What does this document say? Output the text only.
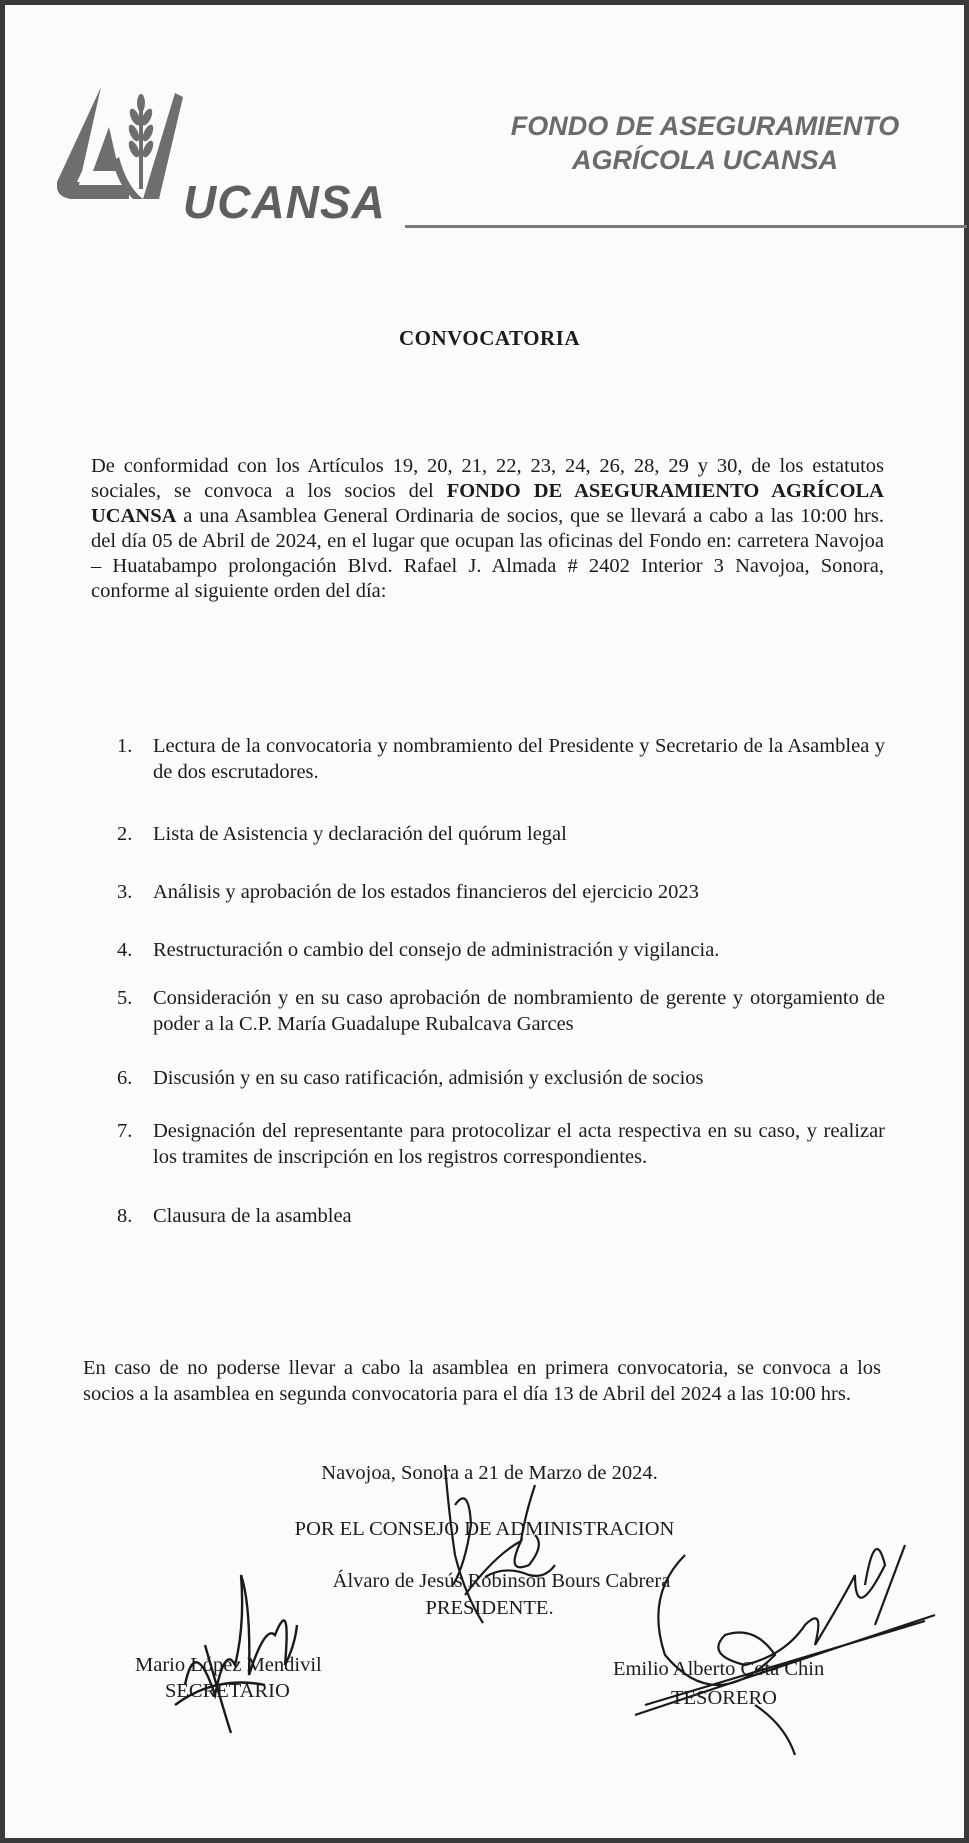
UCANSA
FONDO DE ASEGURAMIENTO
AGRÍCOLA UCANSA
CONVOCATORIA
De conformidad con los Artículos 19, 20, 21, 22, 23, 24, 26, 28, 29 y 30, de los estatutos sociales, se convoca a los socios del FONDO DE ASEGURAMIENTO AGRÍCOLA UCANSA a una Asamblea General Ordinaria de socios, que se llevará a cabo a las 10:00 hrs. del día 05 de Abril de 2024, en el lugar que ocupan las oficinas del Fondo en: carretera Navojoa – Huatabampo prolongación Blvd. Rafael J. Almada # 2402 Interior 3 Navojoa, Sonora, conforme al siguiente orden del día:
1.	Lectura de la convocatoria y nombramiento del Presidente y Secretario de la Asamblea y de dos escrutadores.
2.	Lista de Asistencia y declaración del quórum legal
3.	Análisis y aprobación de los estados financieros del ejercicio 2023
4.	Restructuración o cambio del consejo de administración y vigilancia.
5.	Consideración y en su caso aprobación de nombramiento de gerente y otorgamiento de poder a la C.P. María Guadalupe Rubalcava Garces
6.	Discusión y en su caso ratificación, admisión y exclusión de socios
7.	Designación del representante para protocolizar el acta respectiva en su caso, y realizar los tramites de inscripción en los registros correspondientes.
8.	Clausura de la asamblea
En caso de no poderse llevar a cabo la asamblea en primera convocatoria, se convoca a los socios a la asamblea en segunda convocatoria para el día 13 de Abril del 2024 a las 10:00 hrs.
Navojoa, Sonora a 21 de Marzo de 2024.
POR EL CONSEJO DE ADMINISTRACION
Álvaro de Jesús Robinson Bours Cabrera
PRESIDENTE.
Mario López Mendivil
SECRETARIO
Emilio Alberto Cota Chin
TESORERO
